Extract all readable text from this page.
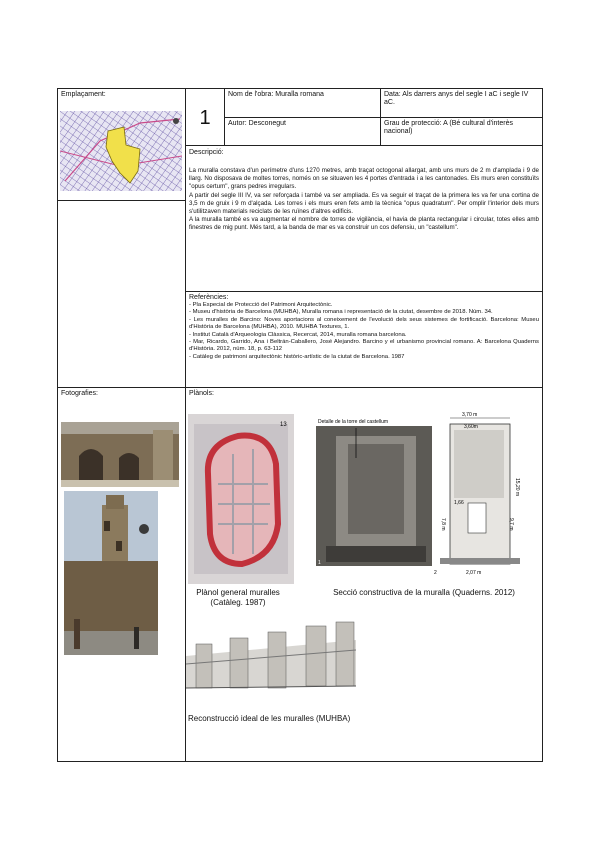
Emplaçament:
1
Nom de l'obra: Muralla romana	Data: Als darrers anys del segle I aC i segle IV aC.
Autor: Desconegut	Grau de protecció: A (Bé cultural d'interès nacional)
Descripció:

La muralla constava d'un perímetre d'uns 1270 metres, amb traçat octogonal allargat, amb uns murs de 2 m d'amplada i 9 de llarg. No disposava de moltes torres, només on se situaven les 4 portes d'entrada i a les cantonades. Els murs eren constituïts "opus certum", grans pedres irregulars.

A partir del segle III IV, va ser reforçada i també va ser ampliada. Es va seguir el traçat de la primera les va fer una cortina de 3,5 m de gruix i 9 m d'alçada. Les torres i els murs eren fets amb la tècnica "opus quadratum". Per omplir l'interior dels murs s'utilitzaven materials reciclats de les ruïnes d'altres edificis.

A la muralla també es va augmentar el nombre de torres de vigilància, el havia de planta rectangular i circular, totes elles amb finestres de mig punt. Més tard, a la banda de mar es va construir un cos defensiu, un "castellum".

Referències:
- Pla Especial de Protecció del Patrimoni Arquitectònic.
- Museu d'història de Barcelona (MUHBA), Muralla romana i representació de la ciutat, desembre de 2018. Núm. 34.
- Les muralles de Barcino: Noves aportacions al coneixement de l'evolució dels seus sistemes de fortificació. Barcelona: Museu d'Història de Barcelona (MUHBA), 2010. MUHBA Textures, 1.
- Institut Català d'Arqueologia Clàssica, Recercat, 2014, muralla romana barcelona.
- Mar, Ricardo, Garrido, Ana i Beltrán-Caballero, José Alejandro. Barcino y el urbanismo provincial romano. A: Barcelona Quaderns d'Història. 2012, núm. 18, p. 63-112
- Catàleg de patrimoni arquitectònic històric-artístic de la ciutat de Barcelona. 1987
Fotografies:	Plànols:
13	Detalle de la torre del castellum
1
3,70 m
3,60m
15,20 m
9,7 m
7,8 m
1,66
2,07 m
2
Plànol general muralles
(Catàleg. 1987)
Secció constructiva de la muralla (Quaderns. 2012)
Reconstrucció ideal de les muralles (MUHBA)
